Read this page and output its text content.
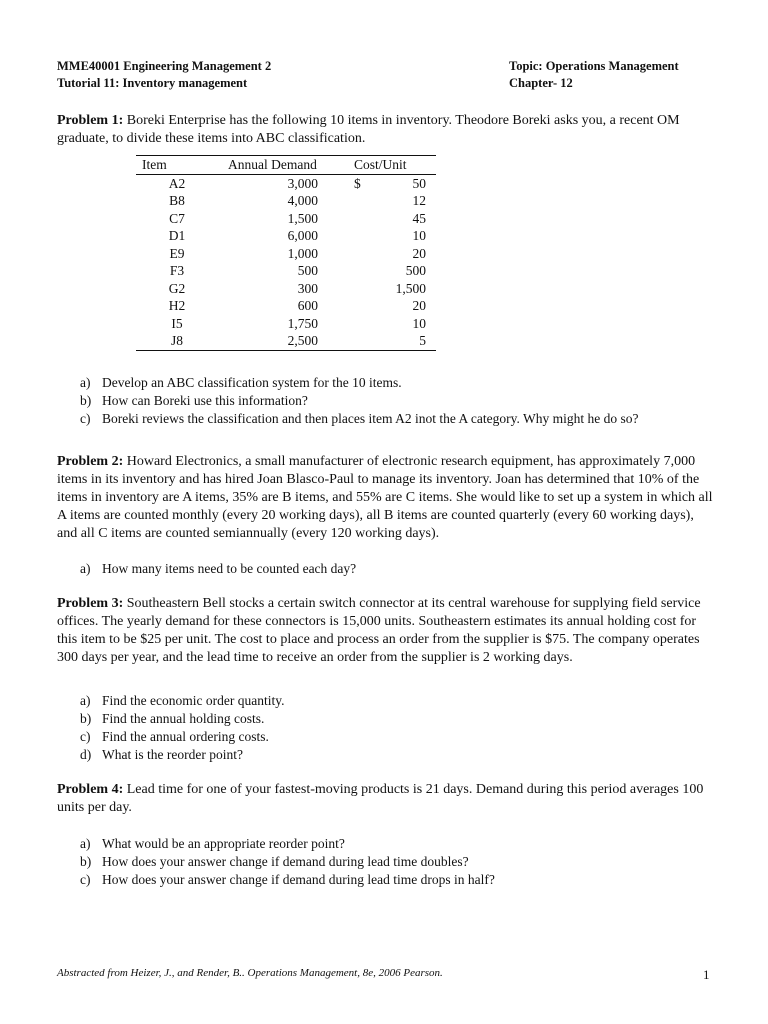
MME40001 Engineering Management 2
Tutorial 11: Inventory management
Topic: Operations Management
Chapter- 12
Problem 1: Boreki Enterprise has the following 10 items in inventory. Theodore Boreki asks you, a recent OM graduate, to divide these items into ABC classification.
Item	Annual Demand	Cost/Unit
A2	3,000	$ 50

B8	4,000	12

C7	1,500	45

D1	6,000	10

E9	1,000	20

F3	500	500

G2	300	1,500

H2	600	20

I5	1,750	10

J8	2,500	5
a) Develop an ABC classification system for the 10 items.
b) How can Boreki use this information?
c) Boreki reviews the classification and then places item A2 inot the A category. Why might he do so?
Problem 2: Howard Electronics, a small manufacturer of electronic research equipment, has approximately 7,000 items in its inventory and has hired Joan Blasco-Paul to manage its inventory. Joan has determined that 10% of the items in inventory are A items, 35% are B items, and 55% are C items. She would like to set up a system in which all A items are counted monthly (every 20 working days), all B items are counted quarterly (every 60 working days), and all C items are counted semiannually (every 120 working days).
a) How many items need to be counted each day?
Problem 3: Southeastern Bell stocks a certain switch connector at its central warehouse for supplying field service offices. The yearly demand for these connectors is 15,000 units. Southeastern estimates its annual holding cost for this item to be $25 per unit. The cost to place and process an order from the supplier is $75. The company operates 300 days per year, and the lead time to receive an order from the supplier is 2 working days.
a) Find the economic order quantity.
b) Find the annual holding costs.
c) Find the annual ordering costs.
d) What is the reorder point?
Problem 4: Lead time for one of your fastest-moving products is 21 days. Demand during this period averages 100 units per day.
a) What would be an appropriate reorder point?
b) How does your answer change if demand during lead time doubles?
c) How does your answer change if demand during lead time drops in half?
Abstracted from Heizer, J., and Render, B.. Operations Management, 8e, 2006 Pearson.	1
